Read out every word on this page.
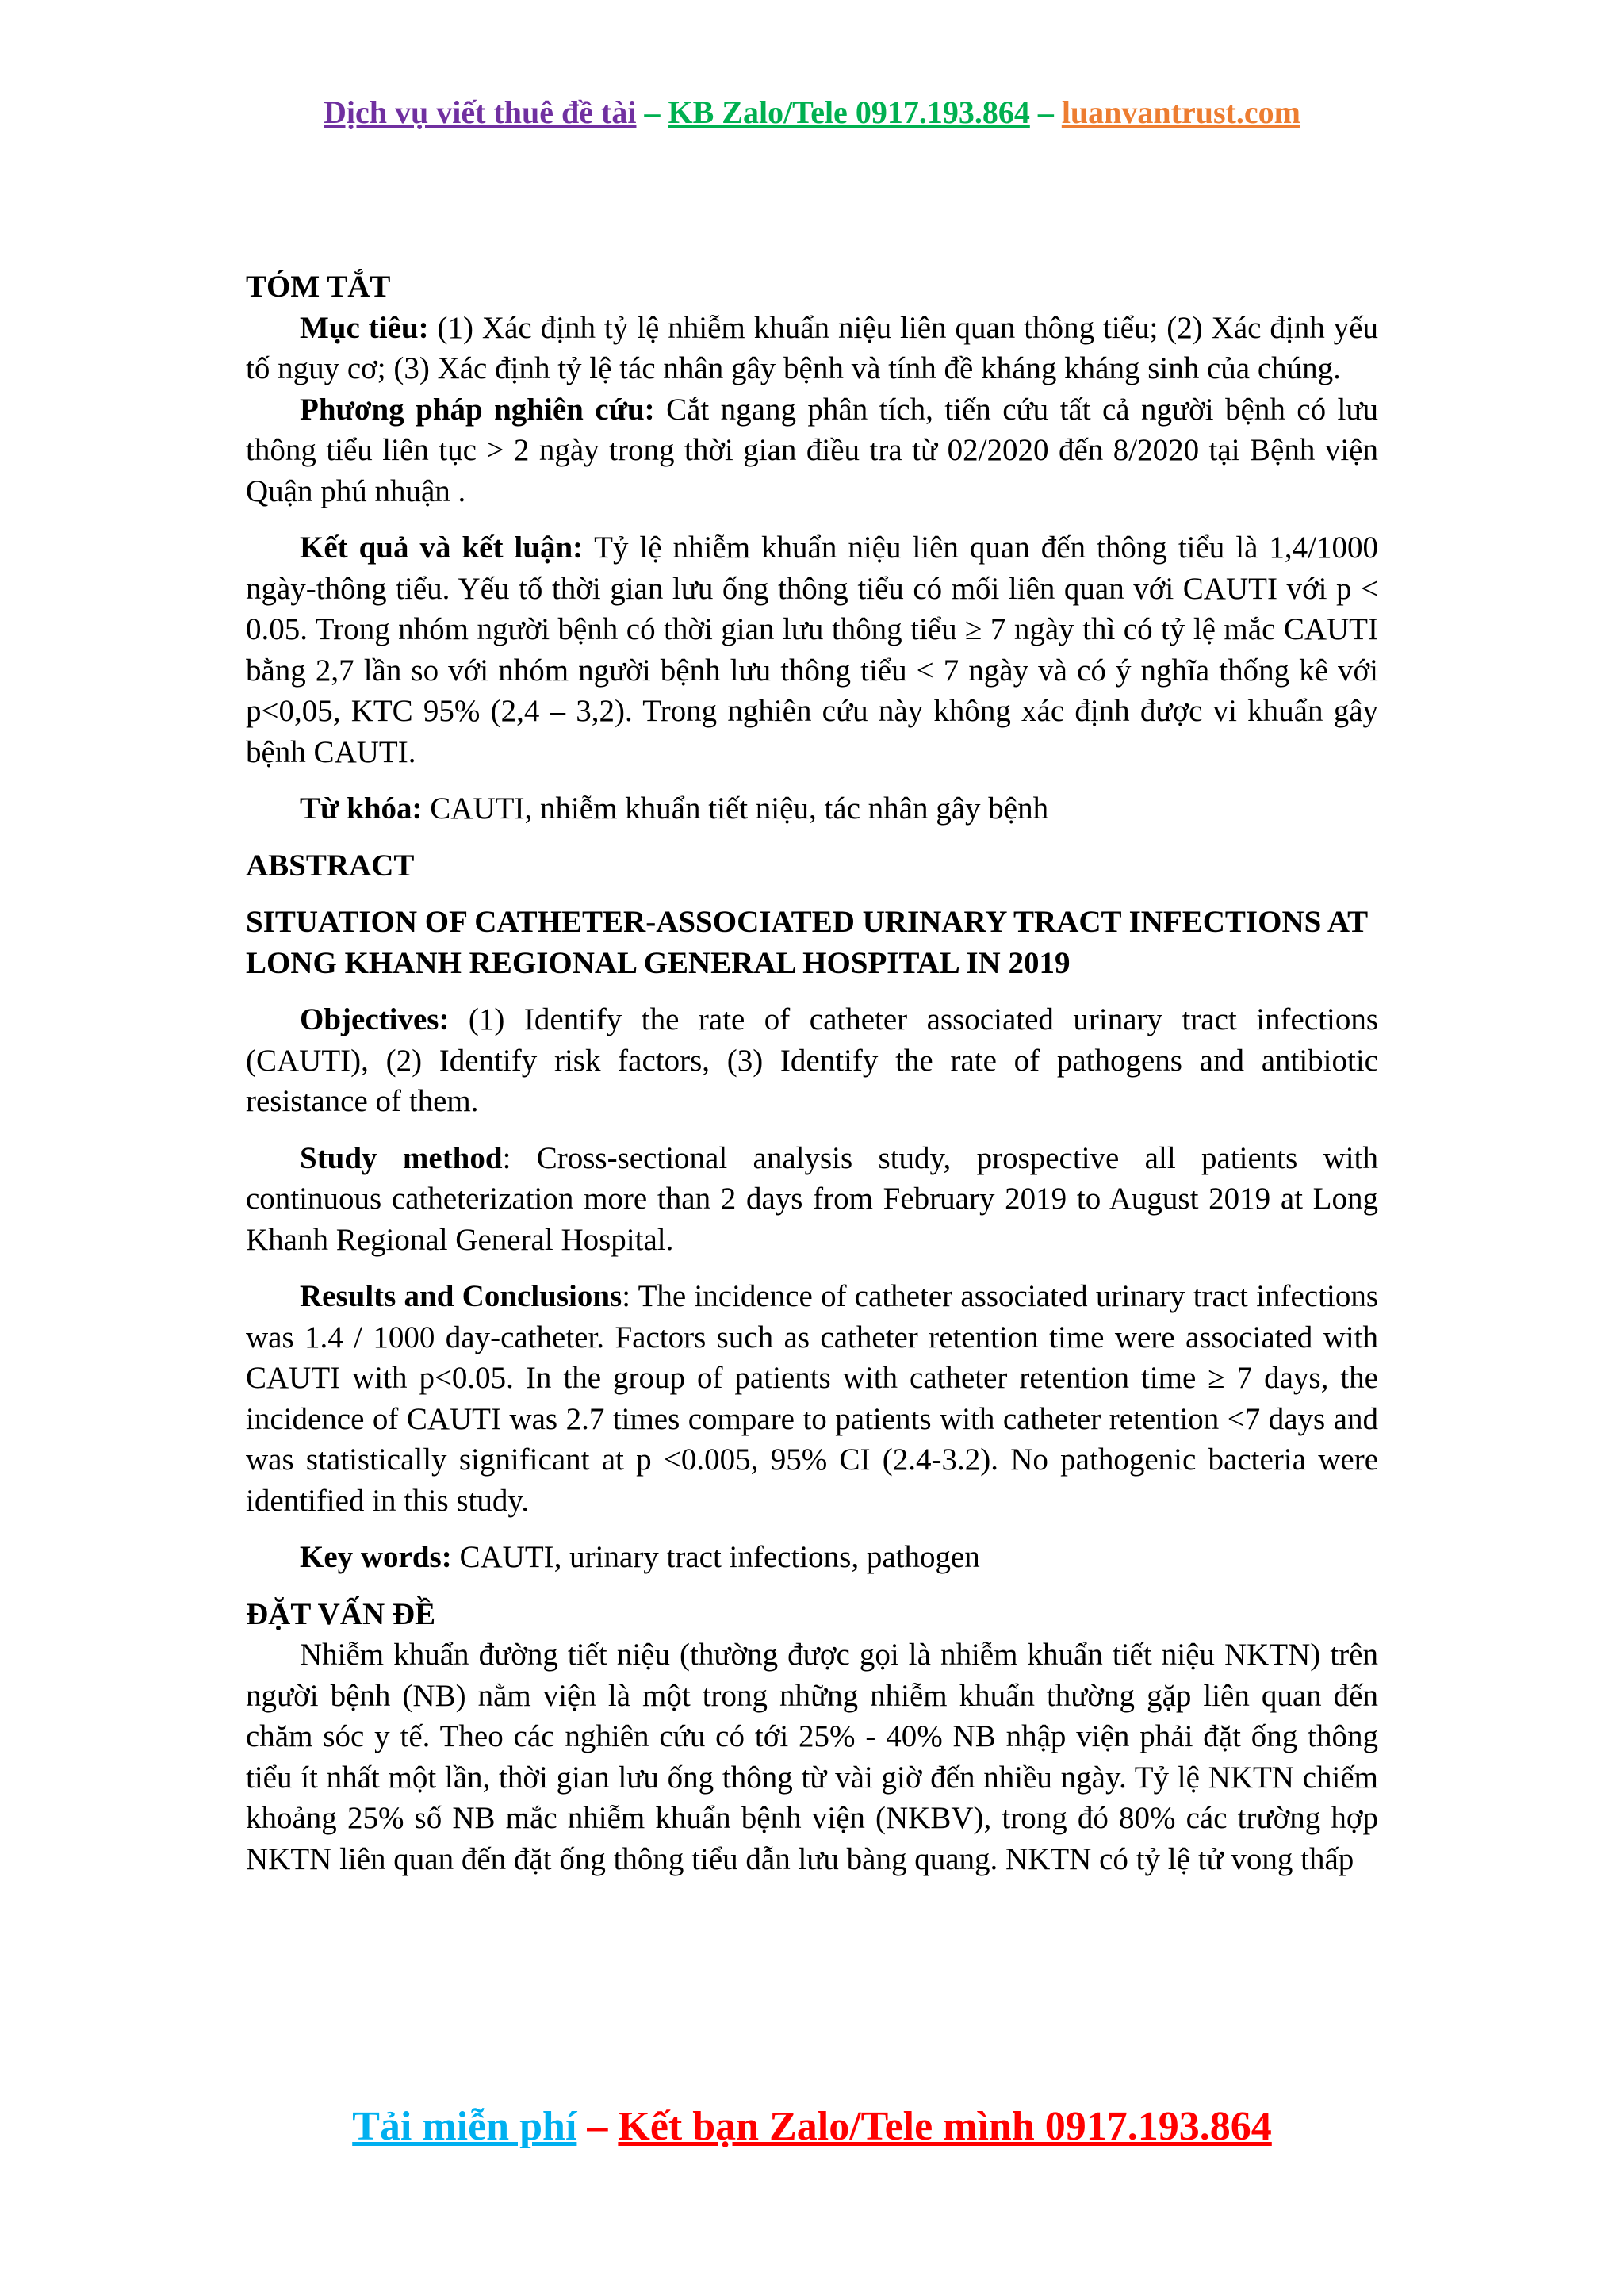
Dịch vụ viết thuê đề tài – KB Zalo/Tele 0917.193.864 – luanvantrust.com

TÓM TẮT

Mục tiêu: (1) Xác định tỷ lệ nhiễm khuẩn niệu liên quan thông tiểu; (2) Xác định yếu tố nguy cơ; (3) Xác định tỷ lệ tác nhân gây bệnh và tính đề kháng kháng sinh của chúng.

Phương pháp nghiên cứu: Cắt ngang phân tích, tiến cứu tất cả người bệnh có lưu thông tiểu liên tục > 2 ngày trong thời gian điều tra từ 02/2020 đến 8/2020 tại Bệnh viện Quận phú nhuận .

Kết quả và kết luận: Tỷ lệ nhiễm khuẩn niệu liên quan đến thông tiểu là 1,4/1000 ngày-thông tiểu. Yếu tố thời gian lưu ống thông tiểu có mối liên quan với CAUTI với p < 0.05. Trong nhóm người bệnh có thời gian lưu thông tiểu ≥ 7 ngày thì có tỷ lệ mắc CAUTI bằng 2,7 lần so với nhóm người bệnh lưu thông tiểu < 7 ngày và có ý nghĩa thống kê với p<0,05, KTC 95% (2,4 – 3,2). Trong nghiên cứu này không xác định được vi khuẩn gây bệnh CAUTI.

Từ khóa: CAUTI, nhiễm khuẩn tiết niệu, tác nhân gây bệnh

ABSTRACT

SITUATION OF CATHETER-ASSOCIATED URINARY TRACT INFECTIONS AT LONG KHANH REGIONAL GENERAL HOSPITAL IN 2019

Objectives: (1) Identify the rate of catheter associated urinary tract infections (CAUTI), (2) Identify risk factors, (3) Identify the rate of pathogens and antibiotic resistance of them.

Study method: Cross-sectional analysis study, prospective all patients with continuous catheterization more than 2 days from February 2019 to August 2019 at Long Khanh Regional General Hospital.

Results and Conclusions: The incidence of catheter associated urinary tract infections was 1.4 / 1000 day-catheter. Factors such as catheter retention time were associated with CAUTI with p<0.05. In the group of patients with catheter retention time ≥ 7 days, the incidence of CAUTI was 2.7 times compare to patients with catheter retention <7 days and was statistically significant at p <0.005, 95% CI (2.4-3.2). No pathogenic bacteria were identified in this study.

Key words: CAUTI, urinary tract infections, pathogen

ĐẶT VẤN ĐỀ

Nhiễm khuẩn đường tiết niệu (thường được gọi là nhiễm khuẩn tiết niệu NKTN) trên người bệnh (NB) nằm viện là một trong những nhiễm khuẩn thường gặp liên quan đến chăm sóc y tế. Theo các nghiên cứu có tới 25% - 40% NB nhập viện phải đặt ống thông tiểu ít nhất một lần, thời gian lưu ống thông từ vài giờ đến nhiều ngày. Tỷ lệ NKTN chiếm khoảng 25% số NB mắc nhiễm khuẩn bệnh viện (NKBV), trong đó 80% các trường hợp NKTN liên quan đến đặt ống thông tiểu dẫn lưu bàng quang. NKTN có tỷ lệ tử vong thấp

Tải miễn phí – Kết bạn Zalo/Tele mình 0917.193.864
